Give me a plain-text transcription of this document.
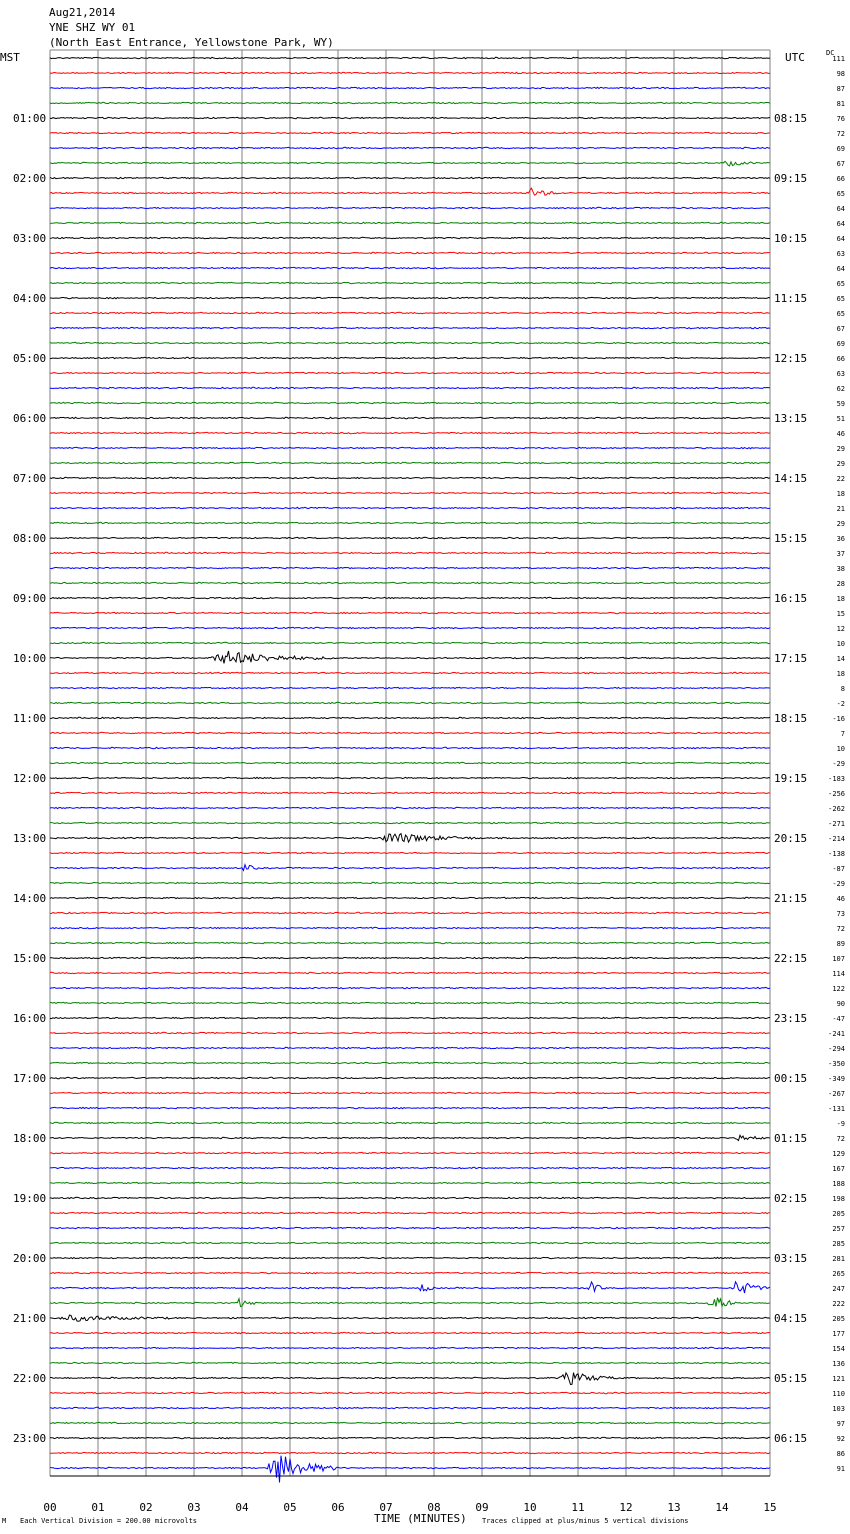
Aug21,2014
YNE SHZ WY 01
(North East Entrance, Yellowstone Park, WY)
MST	UTC	DC
01:00	08:15
02:00	09:15
03:00	10:15
04:00	11:15
05:00	12:15
06:00	13:15
07:00	14:15
08:00	15:15
09:00	16:15
10:00	17:15
11:00	18:15
12:00	19:15
13:00	20:15
14:00	21:15
15:00	22:15
16:00	23:15
17:00	00:15
18:00	01:15
19:00	02:15
20:00	03:15
21:00	04:15
22:00	05:15
23:00	06:15
111
98
87
81
76
72
69
67
66
65
64
64
64
63
64
65
65
65
67
69
66
63
62
59
51
46
29
29
22
18
21
29
36
37
38
28
18
15
12
10
14
18
8
-2
-16
7
10
-29
-183
-256
-262
-271
-214
-138
-87
-29
46
73
72
89
107
114
122
90
-47
-241
-294
-350
-349
-267
-131
-9
72
129
167
188
198
205
257
285
281
265
247
222
205
177
154
136
121
110
103
97
92
86
91
00	01	02	03	04	05	06	07	08	09	10	11	12	13	14	15
TIME (MINUTES)
M Each Vertical Division = 200.00 microvolts	Traces clipped at plus/minus 5 vertical divisions
